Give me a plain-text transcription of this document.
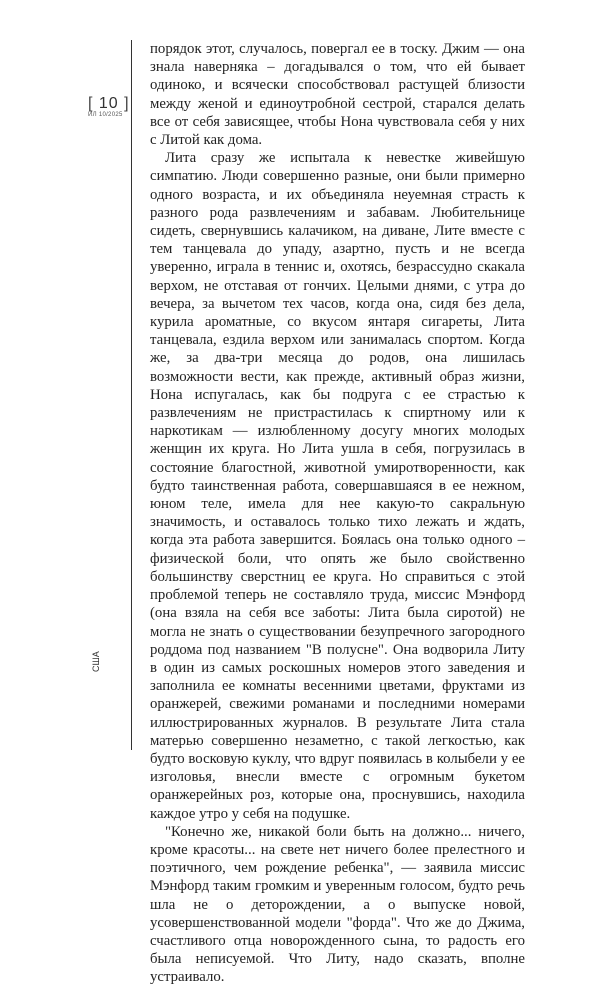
[ 10 ]
ИЛ 10/2025
США

порядок этот, случалось, повергал ее в тоску. Джим — она знала наверняка – догадывался о том, что ей бывает одиноко, и всячески способствовал растущей близости между женой и единоутробной сестрой, старался делать все от себя зависящее, чтобы Нона чувствовала себя у них с Литой как дома.

Лита сразу же испытала к невестке живейшую симпатию. Люди совершенно разные, они были примерно одного возраста, и их объединяла неуемная страсть к разного рода развлечениям и забавам. Любительнице сидеть, свернувшись калачиком, на диване, Лите вместе с тем танцевала до упаду, азартно, пусть и не всегда уверенно, играла в теннис и, охотясь, безрассудно скакала верхом, не отставая от гончих. Целыми днями, с утра до вечера, за вычетом тех часов, когда она, сидя без дела, курила ароматные, со вкусом янтаря сигареты, Лита танцевала, ездила верхом или занималась спортом. Когда же, за два-три месяца до родов, она лишилась возможности вести, как прежде, активный образ жизни, Нона испугалась, как бы подруга с ее страстью к развлечениям не пристрастилась к спиртному или к наркотикам — излюбленному досугу многих молодых женщин их круга. Но Лита ушла в себя, погрузилась в состояние благостной, животной умиротворенности, как будто таинственная работа, совершавшаяся в ее нежном, юном теле, имела для нее какую-то сакральную значимость, и оставалось только тихо лежать и ждать, когда эта работа завершится. Боялась она только одного – физической боли, что опять же было свойственно большинству сверстниц ее круга. Но справиться с этой проблемой теперь не составляло труда, миссис Мэнфорд (она взяла на себя все заботы: Лита была сиротой) не могла не знать о существовании безупречного загородного роддома под названием "В полусне". Она водворила Литу в один из самых роскошных номеров этого заведения и заполнила ее комнаты весенними цветами, фруктами из оранжерей, свежими романами и последними номерами иллюстрированных журналов. В результате Лита стала матерью совершенно незаметно, с такой легкостью, как будто восковую куклу, что вдруг появилась в колыбели у ее изголовья, внесли вместе с огромным букетом оранжерейных роз, которые она, проснувшись, находила каждое утро у себя на подушке.

"Конечно же, никакой боли быть на должно... ничего, кроме красоты... на свете нет ничего более прелестного и поэтичного, чем рождение ребенка", — заявила миссис Мэнфорд таким громким и уверенным голосом, будто речь шла не о деторождении, а о выпуске новой, усовершенствованной модели "форда". Что же до Джима, счастливого отца новорожденного сына, то радость его была неписуемой. Что Литу, надо сказать, вполне устраивало.
